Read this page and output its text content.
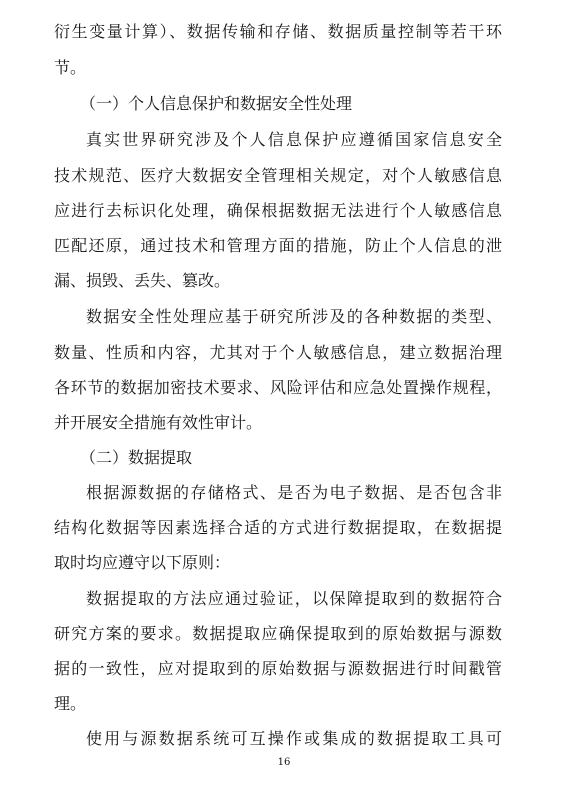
衍生变量计算）、数据传输和存储、数据质量控制等若干环
节。
（一）个人信息保护和数据安全性处理
真实世界研究涉及个人信息保护应遵循国家信息安全
技术规范、医疗大数据安全管理相关规定，对个人敏感信息
应进行去标识化处理，确保根据数据无法进行个人敏感信息
匹配还原，通过技术和管理方面的措施，防止个人信息的泄
漏、损毁、丢失、篡改。
数据安全性处理应基于研究所涉及的各种数据的类型、
数量、性质和内容，尤其对于个人敏感信息，建立数据治理
各环节的数据加密技术要求、风险评估和应急处置操作规程，
并开展安全措施有效性审计。
（二）数据提取
根据源数据的存储格式、是否为电子数据、是否包含非
结构化数据等因素选择合适的方式进行数据提取，在数据提
取时均应遵守以下原则：
数据提取的方法应通过验证，以保障提取到的数据符合
研究方案的要求。数据提取应确保提取到的原始数据与源数
据的一致性，应对提取到的原始数据与源数据进行时间戳管
理。
使用与源数据系统可互操作或集成的数据提取工具可
16
